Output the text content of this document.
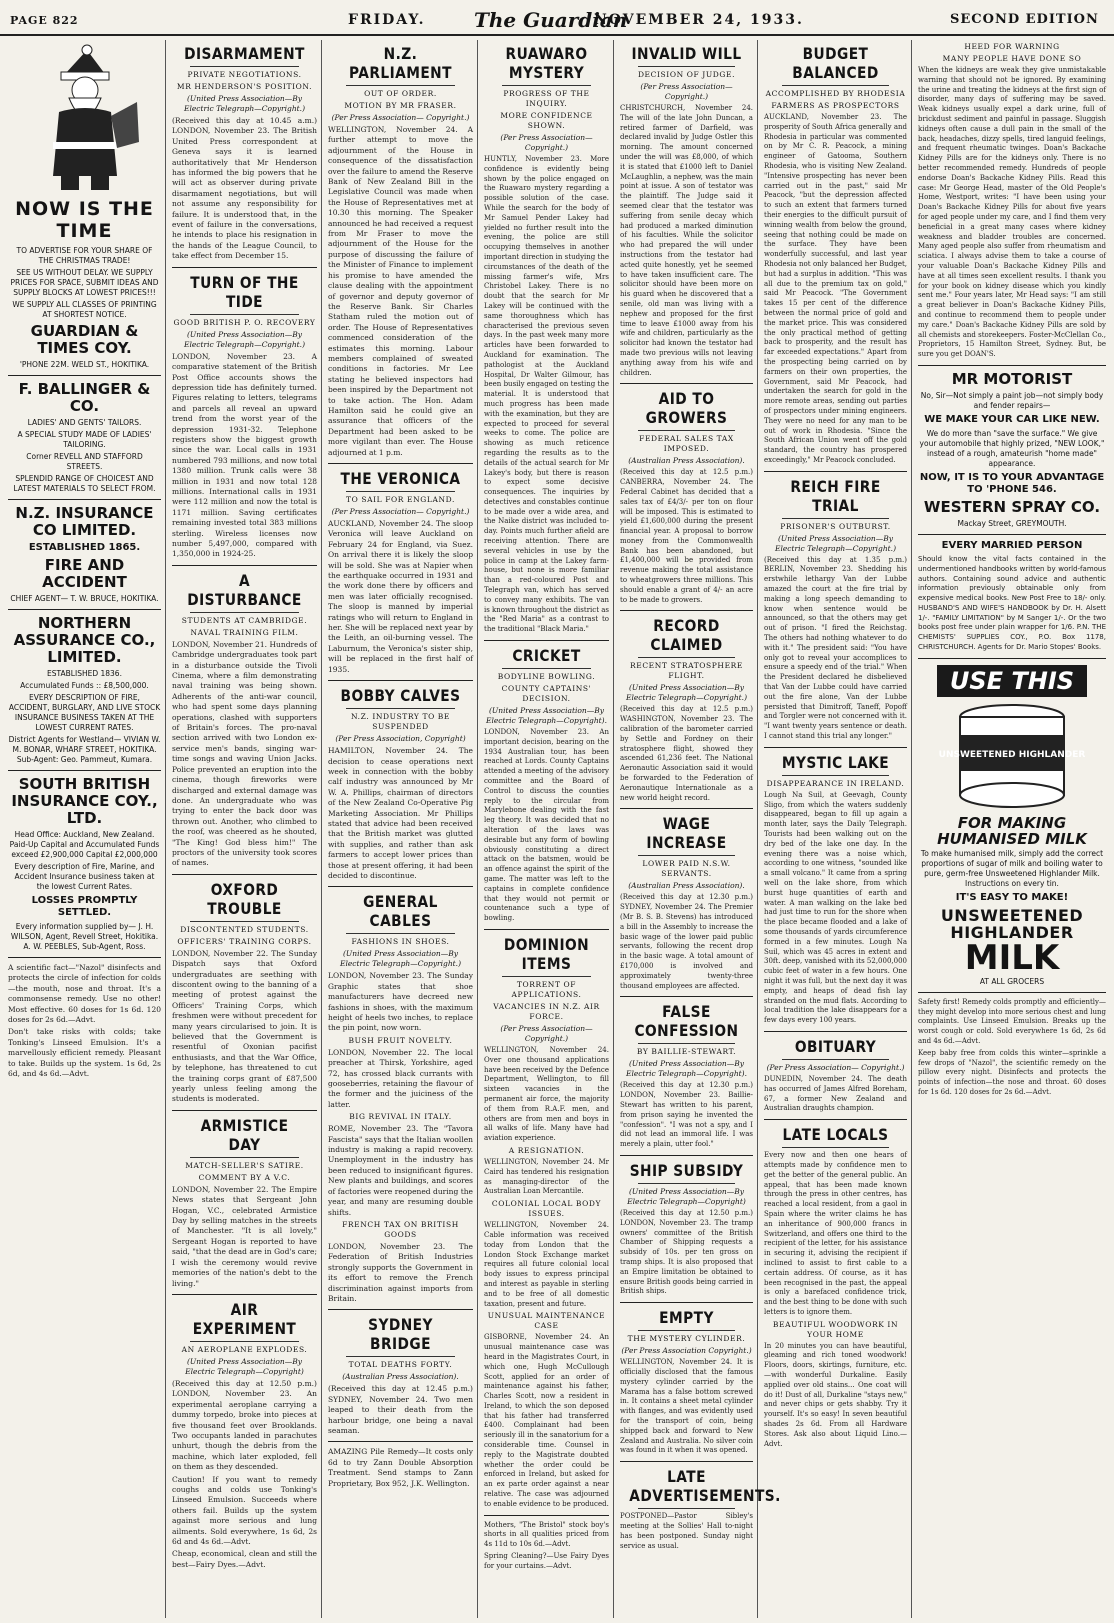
PAGE 822	FRIDAY. The Guardian
NOVEMBER 24, 1933.	SECOND EDITION
NOW IS THE TIME
TO ADVERTISE FOR YOUR SHARE OF THE CHRISTMAS TRADE!
SEE US WITHOUT DELAY. WE SUPPLY PRICES FOR SPACE, SUBMIT IDEAS AND SUPPLY BLOCKS AT LOWEST PRICES!!!
WE SUPPLY ALL CLASSES OF PRINTING AT SHORTEST NOTICE.
GUARDIAN & TIMES COY.
'PHONE 22M. WELD ST., HOKITIKA.
F. BALLINGER & CO.
LADIES' AND GENTS' TAILORS.
A SPECIAL STUDY MADE OF LADIES' TAILORING.
Corner REVELL AND STAFFORD STREETS.
SPLENDID RANGE OF CHOICEST AND LATEST MATERIALS TO SELECT FROM.
N.Z. INSURANCE CO LIMITED.
ESTABLISHED 1865.
FIRE AND ACCIDENT
CHIEF AGENT— T. W. BRUCE, HOKITIKA.
NORTHERN ASSURANCE CO., LIMITED.
ESTABLISHED 1836.
Accumulated Funds :: £8,500,000.
EVERY DESCRIPTION OF FIRE, ACCIDENT, BURGLARY, AND LIVE STOCK INSURANCE BUSINESS TAKEN AT THE LOWEST CURRENT RATES.
District Agents for Westland— VIVIAN W. M. BONAR, WHARF STREET, HOKITIKA. Sub-Agent: Geo. Pammeut, Kumara.
SOUTH BRITISH INSURANCE COY., LTD.
Head Office: Auckland, New Zealand. Paid-Up Capital and Accumulated Funds exceed £2,900,000 Capital £2,000,000
Every description of Fire, Marine, and Accident Insurance business taken at the lowest Current Rates.
LOSSES PROMPTLY SETTLED.
Every information supplied by— J. H. WILSON, Agent, Revell Street, Hokitika. A. W. PEEBLES, Sub-Agent, Ross.

A scientific fact—"Nazol" disinfects and protects the circle of infection for colds—the mouth, nose and throat. It's a commonsense remedy. Use no other! Most effective. 60 doses for 1s 6d. 120 doses for 2s 6d.—Advt.

Don't take risks with colds; take Tonking's Linseed Emulsion. It's a marvellously efficient remedy. Pleasant to take. Builds up the system. 1s 6d, 2s 6d, and 4s 6d.—Advt.

DISARMAMENT
PRIVATE NEGOTIATIONS.
MR HENDERSON'S POSITION.
(United Press Association—By Electric Telegraph—Copyright.)

(Received this day at 10.45 a.m.) LONDON, November 23. The British United Press correspondent at Geneva says it is learned authoritatively that Mr Henderson has informed the big powers that he will act as observer during private disarmament negotiations, but will not assume any responsibility for failure. It is understood that, in the event of failure in the conversations, he intends to place his resignation in the hands of the League Council, to take effect from December 15.

TURN OF THE TIDE
GOOD BRITISH P. O. RECOVERY
(United Press Association—By Electric Telegraph—Copyright.)

LONDON, November 23. A comparative statement of the British Post Office accounts shows the depression tide has definitely turned. Figures relating to letters, telegrams and parcels all reveal an upward trend from the worst year of the depression 1931-32. Telephone registers show the biggest growth since the war. Local calls in 1931 numbered 793 millions, and now total 1380 million. Trunk calls were 38 million in 1931 and now total 128 millions. International calls in 1931 were 112 million and now the total is 1171 million. Saving certificates remaining invested total 383 millions sterling. Wireless licenses now number 5,497,000, compared with 1,350,000 in 1924-25.

A DISTURBANCE
STUDENTS AT CAMBRIDGE.
NAVAL TRAINING FILM.

LONDON, November 21. Hundreds of Cambridge undergraduates took part in a disturbance outside the Tivoli Cinema, where a film demonstrating naval training was being shown. Adherents of the anti-war council, who had spent some days planning operations, clashed with supporters of Britain's forces. The pro-naval section arrived with two London ex-service men's bands, singing war-time songs and waving Union Jacks. Police prevented an eruption into the cinema, though fireworks were discharged and external damage was done. An undergraduate who was trying to enter the back door was thrown out. Another, who climbed to the roof, was cheered as he shouted, "The King! God bless him!" The proctors of the university took scores of names.

OXFORD TROUBLE
DISCONTENTED STUDENTS.
OFFICERS' TRAINING CORPS.

LONDON, November 22. The Sunday Dispatch says that Oxford undergraduates are seething with discontent owing to the banning of a meeting of protest against the Officers' Training Corps, which freshmen were without precedent for many years circularised to join. It is believed that the Government is resentful of Oxonian pacifist enthusiasts, and that the War Office, by telephone, has threatened to cut the training corps grant of £87,500 yearly unless feeling among the students is moderated.

ARMISTICE DAY
MATCH-SELLER'S SATIRE.
COMMENT BY A V.C.

LONDON, November 22. The Empire News states that Sergeant John Hogan, V.C., celebrated Armistice Day by selling matches in the streets of Manchester. "It is all lovely," Sergeant Hogan is reported to have said, "that the dead are in God's care; I wish the ceremony would revive memories of the nation's debt to the living."

AIR EXPERIMENT
AN AEROPLANE EXPLODES.
(United Press Association—By Electric Telegraph—Copyright)

(Received this day at 12.50 p.m.) LONDON, November 23. An experimental aeroplane carrying a dummy torpedo, broke into pieces at five thousand feet over Brooklands. Two occupants landed in parachutes unhurt, though the debris from the machine, which later exploded, fell on them as they descended.

Caution! If you want to remedy coughs and colds use Tonking's Linseed Emulsion. Succeeds where others fail. Builds up the system against more serious and lung ailments. Sold everywhere, 1s 6d, 2s 6d and 4s 6d.—Advt.

Cheap, economical, clean and still the best—Fairy Dyes.—Advt.

N.Z. PARLIAMENT
OUT OF ORDER.
MOTION BY MR FRASER.
(Per Press Association— Copyright.)

WELLINGTON, November 24. A further attempt to move the adjournment of the House in consequence of the dissatisfaction over the failure to amend the Reserve Bank of New Zealand Bill in the Legislative Council was made when the House of Representatives met at 10.30 this morning. The Speaker announced he had received a request from Mr Fraser to move the adjournment of the House for the purpose of discussing the failure of the Minister of Finance to implement his promise to have amended the clause dealing with the appointment of governor and deputy governor of the Reserve Bank. Sir Charles Statham ruled the motion out of order. The House of Representatives commenced consideration of the estimates this morning. Labour members complained of sweated conditions in factories. Mr Lee stating he believed inspectors had been inspired by the Department not to take action. The Hon. Adam Hamilton said he could give an assurance that officers of the Department had been asked to be more vigilant than ever. The House adjourned at 1 p.m.

THE VERONICA
TO SAIL FOR ENGLAND.
(Per Press Association— Copyright.)

AUCKLAND, November 24. The sloop Veronica will leave Auckland on February 24 for England, via Suez. On arrival there it is likely the sloop will be sold. She was at Napier when the earthquake occurred in 1931 and the work done there by officers and men was later officially recognised. The sloop is manned by imperial ratings who will return to England in her. She will be replaced next year by the Leith, an oil-burning vessel. The Laburnum, the Veronica's sister ship, will be replaced in the first half of 1935.

BOBBY CALVES
N.Z. INDUSTRY TO BE SUSPENDED
(Per Press Association, Copyright)

HAMILTON, November 24. The decision to cease operations next week in connection with the bobby calf industry was announced by Mr W. A. Phillips, chairman of directors of the New Zealand Co-Operative Pig Marketing Association. Mr Phillips stated that advice had been received that the British market was glutted with supplies, and rather than ask farmers to accept lower prices than those at present offering, it had been decided to discontinue.

GENERAL CABLES
FASHIONS IN SHOES.
(United Press Association—By Electric Telegraph—Copyright.)

LONDON, November 23. The Sunday Graphic states that shoe manufacturers have decreed new fashions in shoes, with the maximum height of heels two inches, to replace the pin point, now worn.

BUSH FRUIT NOVELTY.

LONDON, November 22. The local preacher at Thirsk, Yorkshire, aged 72, has crossed black currants with gooseberries, retaining the flavour of the former and the juiciness of the latter.

BIG REVIVAL IN ITALY.

ROME, November 23. The "Tavora Fascista" says that the Italian woollen industry is making a rapid recovery. Unemployment in the industry has been reduced to insignificant figures. New plants and buildings, and scores of factories were reopened during the year, and many are resuming double shifts.

FRENCH TAX ON BRITISH GOODS

LONDON, November 23. The Federation of British Industries strongly supports the Government in its effort to remove the French discrimination against imports from Britain.

SYDNEY BRIDGE
TOTAL DEATHS FORTY.
(Australian Press Association).

(Received this day at 12.45 p.m.) SYDNEY, November 24. Two men leaped to their death from the harbour bridge, one being a naval seaman.

AMAZING Pile Remedy—It costs only 6d to try Zann Double Absorption Treatment. Send stamps to Zann Proprietary, Box 952, J.K. Wellington.

RUAWARO MYSTERY
PROGRESS OF THE INQUIRY.
MORE CONFIDENCE SHOWN.
(Per Press Association—Copyright.)

HUNTLY, November 23. More confidence is evidently being shown by the police engaged on the Ruawaro mystery regarding a possible solution of the case. While the search for the body of Mr Samuel Pender Lakey had yielded no further result into the evening, the police are still occupying themselves in another important direction in studying the circumstances of the death of the missing farmer's wife, Mrs Christobel Lakey. There is no doubt that the search for Mr Lakey will be continued with the same thoroughness which has characterised the previous seven days. In the past week many more articles have been forwarded to Auckland for examination. The pathologist at the Auckland Hospital, Dr Walter Gilmour, has been busily engaged on testing the material. It is understood that much progress has been made with the examination, but they are expected to proceed for several weeks to come. The police are showing as much reticence regarding the results as to the details of the actual search for Mr Lakey's body, but there is reason to expect some decisive consequences. The inquiries by detectives and constables continue to be made over a wide area, and the Naike district was included to-day. Points much further afield are receiving attention. There are several vehicles in use by the police in camp at the Lakey farm-house, but none is more familiar than a red-coloured Post and Telegraph van, which has served to convey many exhibits. The van is known throughout the district as the "Red Maria" as a contrast to the traditional "Black Maria."

CRICKET
BODYLINE BOWLING.
COUNTY CAPTAINS' DECISION.
(United Press Association—By Electric Telegraph—Copyright).

LONDON, November 23. An important decision, bearing on the 1934 Australian tour, has been reached at Lords. County Captains attended a meeting of the advisory committee and the Board of Control to discuss the counties reply to the circular from Marylebone dealing with the fast leg theory. It was decided that no alteration of the laws was desirable but any form of bowling obviously constituting a direct attack on the batsmen, would be an offence against the spirit of the game. The matter was left to the captains in complete confidence that they would not permit or countenance such a type of bowling.

DOMINION ITEMS
TORRENT OF APPLICATIONS.
VACANCIES IN N.Z. AIR FORCE.
(Per Press Association— Copyright.)

WELLINGTON, November 24. Over one thousand applications have been received by the Defence Department, Wellington, to fill sixteen vacancies in the permanent air force, the majority of them from R.A.F. men, and others are from men and boys in all walks of life. Many have had aviation experience.

A RESIGNATION.

WELLINGTON, November 24. Mr Caird has tendered his resignation as managing-director of the Australian Loan Mercantile.

COLONIAL LOCAL BODY ISSUES.

WELLINGTON, November 24. Cable information was received today from London that the London Stock Exchange market requires all future colonial local body issues to express principal and interest as payable in sterling and to be free of all domestic taxation, present and future.

UNUSUAL MAINTENANCE CASE

GISBORNE, November 24. An unusual maintenance case was heard in the Magistrates Court, in which one, Hugh McCullough Scott, applied for an order of maintenance against his father, Charles Scott, now a resident in Ireland, to which the son deposed that his father had transferred £400. Complainant had been seriously ill in the sanatorium for a considerable time. Counsel in reply to the Magistrate doubted whether the order could be enforced in Ireland, but asked for an ex parte order against a near relative. The case was adjourned to enable evidence to be produced.

Mothers, "The Bristol" stock boy's shorts in all qualities priced from 4s 11d to 10s 6d.—Advt.

Spring Cleaning?—Use Fairy Dyes for your curtains.—Advt.

INVALID WILL
DECISION OF JUDGE.
(Per Press Association— Copyright.)

CHRISTCHURCH, November 24. The will of the late John Duncan, a retired farmer of Darfield, was declared invalid by Judge Ostler this morning. The amount concerned under the will was £8,000, of which it is stated that £1000 left to Daniel McLaughlin, a nephew, was the main point at issue. A son of testator was the plaintiff. The Judge said it seemed clear that the testator was suffering from senile decay which had produced a marked diminution of his faculties. While the solicitor who had prepared the will under instructions from the testator had acted quite honestly, yet he seemed to have taken insufficient care. The solicitor should have been more on his guard when he discovered that a senile, old man was living with a nephew and proposed for the first time to leave £1000 away from his wife and children, particularly as the solicitor had known the testator had made two previous wills not leaving anything away from his wife and children.

AID TO GROWERS
FEDERAL SALES TAX IMPOSED.
(Australian Press Association).

(Received this day at 12.5 p.m.) CANBERRA, November 24. The Federal Cabinet has decided that a sales tax of £4/3/- per ton on flour will be imposed. This is estimated to yield £1,600,000 during the present financial year. A proposal to borrow money from the Commonwealth Bank has been abandoned, but £1,400,000 will be provided from revenue making the total assistance to wheatgrowers three millions. This should enable a grant of 4/- an acre to be made to growers.

RECORD CLAIMED
RECENT STRATOSPHERE FLIGHT.
(United Press Association—By Electric Telegraph—Copyright.)

(Received this day at 12.5 p.m.) WASHINGTON, November 23. The calibration of the barometer carried by Settle and Fordney on their stratosphere flight, showed they ascended 61,236 feet. The National Aeronautic Association said it would be forwarded to the Federation of Aeronautique Internationale as a new world height record.

WAGE INCREASE
LOWER PAID N.S.W. SERVANTS.
(Australian Press Association).

(Received this day at 12.30 p.m.) SYDNEY, November 24. The Premier (Mr B. S. B. Stevens) has introduced a bill in the Assembly to increase the basic wage of the lower paid public servants, following the recent drop in the basic wage. A total amount of £170,000 is involved and approximately twenty-three thousand employees are affected.

FALSE CONFESSION
BY BAILLIE-STEWART.
(United Press Association—By Electric Telegraph—Copyright).

(Received this day at 12.30 p.m.) LONDON, November 23. Baillie-Stewart has written to his parent, from prison saying he invented the "confession". "I was not a spy, and I did not lead an immoral life. I was merely a plain, utter fool."

SHIP SUBSIDY
(United Press Association—By Electric Telegraph—Copyright)

(Received this day at 12.50 p.m.) LONDON, November 23. The tramp owners' committee of the British Chamber of Shipping requests a subsidy of 10s. per ten gross on tramp ships. It is also proposed that an Empire limitation be obtained to ensure British goods being carried in British ships.

EMPTY
THE MYSTERY CYLINDER.
(Per Press Association Copyright.)

WELLINGTON, November 24. It is officially disclosed that the famous mystery cylinder carried by the Marama has a false bottom screwed in. It contains a sheet metal cylinder with flanges, and was evidently used for the transport of coin, being shipped back and forward to New Zealand and Australia. No silver coin was found in it when it was opened.

LATE ADVERTISEMENTS.

POSTPONED—Pastor Sibley's meeting at the Sollies' Hall to-night has been postponed. Sunday night service as usual.

BUDGET BALANCED
ACCOMPLISHED BY RHODESIA
FARMERS AS PROSPECTORS

AUCKLAND, November 23. The prosperity of South Africa generally and Rhodesia in particular was commented on by Mr C. R. Peacock, a mining engineer of Gatooma, Southern Rhodesia, who is visiting New Zealand. "Intensive prospecting has never been carried out in the past," said Mr Peacock, "but the depression affected to such an extent that farmers turned their energies to the difficult pursuit of winning wealth from below the ground, seeing that nothing could be made on the surface. They have been wonderfully successful, and last year Rhodesia not only balanced her Budget, but had a surplus in addition. "This was all due to the premium tax on gold," said Mr Peacock. "The Government takes 15 per cent of the difference between the normal price of gold and the market price. This was considered the only practical method of getting back to prosperity, and the result has far exceeded expectations." Apart from the prospecting being carried on by farmers on their own properties, the Government, said Mr Peacock, had undertaken the search for gold in the more remote areas, sending out parties of prospectors under mining engineers. They were no need for any man to be out of work in Rhodesia. "Since the South African Union went off the gold standard, the country has prospered exceedingly," Mr Peacock concluded.

REICH FIRE TRIAL
PRISONER'S OUTBURST.
(United Press Association—By Electric Telegraph—Copyright.)

(Received this day at 1.35 p.m.) BERLIN, November 23. Shedding his erstwhile lethargy Van der Lubbe amazed the court at the fire trial by making a long speech demanding to know when sentence would be announced, so that the others may get out of prison. "I fired the Reichstag. The others had nothing whatever to do with it." The president said: "You have only got to reveal your accomplices to ensure a speedy end of the trial." When the President declared he disbelieved that Van der Lubbe could have carried out the fire alone, Van der Lubbe persisted that Dimitroff, Taneff, Popoff and Torgler were not concerned with it. "I want twenty years sentence or death. I cannot stand this trial any longer."

MYSTIC LAKE
DISAPPEARANCE IN IRELAND.

Lough Na Suil, at Geevagh, County Sligo, from which the waters suddenly disappeared, began to fill up again a month later, says the Daily Telegraph. Tourists had been walking out on the dry bed of the lake one day. In the evening there was a noise which, according to one witness, "sounded like a small volcano." It came from a spring well on the lake shore, from which burst huge quantities of earth and water. A man walking on the lake bed had just time to run for the shore when the place became flooded and a lake of some thousands of yards circumference formed in a few minutes. Lough Na Suil, which was 45 acres in extent and 30ft. deep, vanished with its 52,000,000 cubic feet of water in a few hours. One night it was full, but the next day it was empty, and heaps of dead fish lay stranded on the mud flats. According to local tradition the lake disappears for a few days every 100 years.

OBITUARY
(Per Press Association— Copyright.)

DUNEDIN, November 24. The death has occurred of James Alfred Boreham, 67, a former New Zealand and Australian draughts champion.

LATE LOCALS

Every now and then one hears of attempts made by confidence men to get the better of the general public. An appeal, that has been made known through the press in other centres, has reached a local resident, from a gaol in Spain where the writer claims he has an inheritance of 900,000 francs in Switzerland, and offers one third to the recipient of the letter, for his assistance in securing it, advising the recipient if inclined to assist to first cable to a certain address. Of course, as it has been recognised in the past, the appeal is only a barefaced confidence trick, and the best thing to be done with such letters is to ignore them.

BEAUTIFUL WOODWORK IN YOUR HOME

In 20 minutes you can have beautiful, gleaming and rich toned woodwork! Floors, doors, skirtings, furniture, etc.—with wonderful Durkaline. Easily applied over old stains... One coat will do it! Dust of all, Durkaline "stays new," and never chips or gets shabby. Try it yourself. It's so easy! In seven beautiful shades 2s 6d. From all Hardware Stores. Ask also about Liquid Lino.—Advt.

HEED FOR WARNING
MANY PEOPLE HAVE DONE SO

When the kidneys are weak they give unmistakable warning that should not be ignored. By examining the urine and treating the kidneys at the first sign of disorder, many days of suffering may be saved. Weak kidneys usually expel a dark urine, full of brickdust sediment and painful in passage. Sluggish kidneys often cause a dull pain in the small of the back, headaches, dizzy spells, tired languid feelings, and frequent rheumatic twinges. Doan's Backache Kidney Pills are for the kidneys only. There is no better recommended remedy. Hundreds of people endorse Doan's Backache Kidney Pills. Read this case: Mr George Head, master of the Old People's Home, Westport, writes: "I have been using your Doan's Backache Kidney Pills for about five years for aged people under my care, and I find them very beneficial in a great many cases where kidney weakness and bladder troubles are concerned. Many aged people also suffer from rheumatism and sciatica. I always advise them to take a course of your valuable Doan's Backache Kidney Pills and have at all times seen excellent results. I thank you for your book on kidney disease which you kindly sent me." Four years later, Mr Head says: "I am still a great believer in Doan's Backache Kidney Pills, and continue to recommend them to people under my care." Doan's Backache Kidney Pills are sold by all chemists and storekeepers. Foster-McClellan Co., Proprietors, 15 Hamilton Street, Sydney. But, be sure you get DOAN'S.

MR MOTORIST
No, Sir—Not simply a paint job—not simply body and fender repairs—
WE MAKE YOUR CAR LIKE NEW.
We do more than "save the surface." We give your automobile that highly prized, "NEW LOOK," instead of a rough, amateurish "home made" appearance.
NOW, IT IS TO YOUR ADVANTAGE TO 'PHONE 546.
WESTERN SPRAY CO.
Mackay Street, GREYMOUTH.
EVERY MARRIED PERSON

Should know the vital facts contained in the undermentioned handbooks written by world-famous authors. Containing sound advice and authentic information previously obtainable only from expensive medical books. New Post Free to 18/- only. HUSBAND'S AND WIFE'S HANDBOOK by Dr. H. Alsett 1/-. "FAMILY LIMITATION" by M Sanger 1/-. Or the two books post free under plain wrapper for 1/6. P.N. THE CHEMISTS' SUPPLIES COY., P.O. Box 1178, CHRISTCHURCH. Agents for Dr. Mario Stopes' Books.

USE THIS
UNSWEETENED HIGHLANDER
FOR MAKING HUMANISED MILK
To make humanised milk, simply add the correct proportions of sugar of milk and boiling water to pure, germ-free Unsweetened Highlander Milk. Instructions on every tin.
IT'S EASY TO MAKE!
UNSWEETENED
HIGHLANDER
MILK
AT ALL GROCERS

Safety first! Remedy colds promptly and efficiently—they might develop into more serious chest and lung complaints. Use Linseed Emulsion. Breaks up the worst cough or cold. Sold everywhere 1s 6d, 2s 6d and 4s 6d.—Advt.

Keep baby free from colds this winter—sprinkle a few drops of "Nazol", the scientific remedy on the pillow every night. Disinfects and protects the points of infection—the nose and throat. 60 doses for 1s 6d. 120 doses for 2s 6d.—Advt.
